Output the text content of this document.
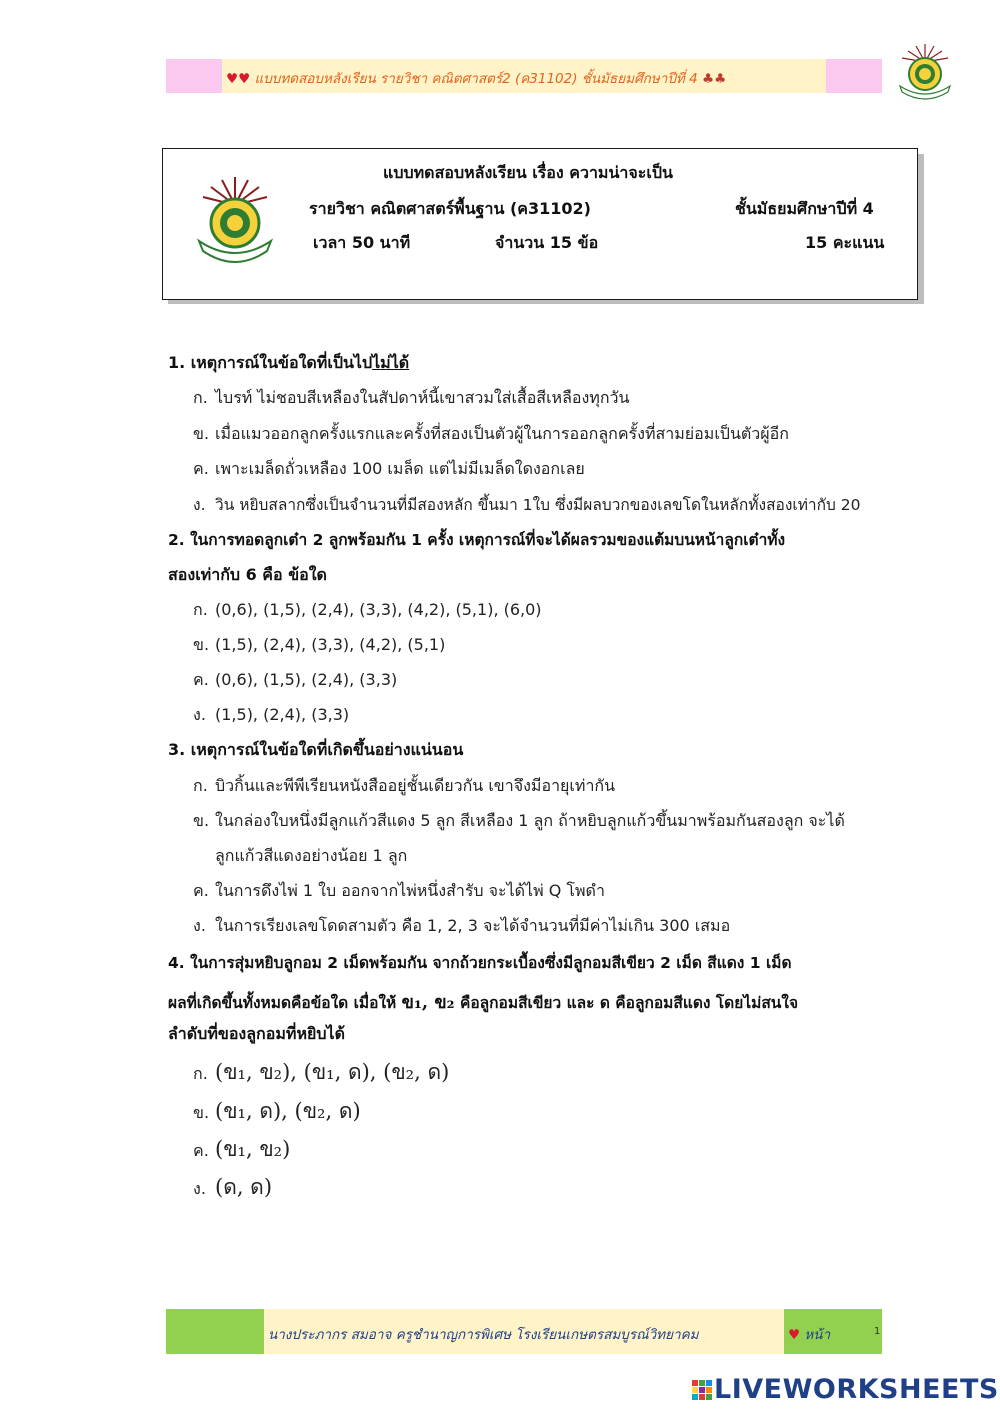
♥♥ แบบทดสอบหลังเรียน รายวิชา คณิตศาสตร์2 (ค31102) ชั้นมัธยมศึกษาปีที่ 4 ♣♣
แบบทดสอบหลังเรียน เรื่อง ความน่าจะเป็น
รายวิชา คณิตศาสตร์พื้นฐาน (ค31102)	ชั้นมัธยมศึกษาปีที่ 4
เวลา 50 นาที	จำนวน 15 ข้อ	15 คะแนน
1. เหตุการณ์ในข้อใดที่เป็นไปไม่ได้
ก. ไบรท์ ไม่ชอบสีเหลืองในสัปดาห์นี้เขาสวมใส่เสื้อสีเหลืองทุกวัน
ข. เมื่อแมวออกลูกครั้งแรกและครั้งที่สองเป็นตัวผู้ในการออกลูกครั้งที่สามย่อมเป็นตัวผู้อีก
ค. เพาะเมล็ดถั่วเหลือง 100 เมล็ด แต่ไม่มีเมล็ดใดงอกเลย
ง. วิน หยิบสลากซึ่งเป็นจำนวนที่มีสองหลัก ขึ้นมา 1ใบ ซึ่งมีผลบวกของเลขโดในหลักทั้งสองเท่ากับ 20
2. ในการทอดลูกเต๋า 2 ลูกพร้อมกัน 1 ครั้ง เหตุการณ์ที่จะได้ผลรวมของแต้มบนหน้าลูกเต๋าทั้ง
สองเท่ากับ 6 คือ ข้อใด
ก. (0,6), (1,5), (2,4), (3,3), (4,2), (5,1), (6,0)
ข. (1,5), (2,4), (3,3), (4,2), (5,1)
ค. (0,6), (1,5), (2,4), (3,3)
ง. (1,5), (2,4), (3,3)
3. เหตุการณ์ในข้อใดที่เกิดขึ้นอย่างแน่นอน
ก. บิวกิ้นและพีพีเรียนหนังสืออยู่ชั้นเดียวกัน เขาจึงมีอายุเท่ากัน
ข. ในกล่องใบหนึ่งมีลูกแก้วสีแดง 5 ลูก สีเหลือง 1 ลูก ถ้าหยิบลูกแก้วขึ้นมาพร้อมกันสองลูก จะได้
ลูกแก้วสีแดงอย่างน้อย 1 ลูก
ค. ในการดึงไพ่ 1 ใบ ออกจากไพ่หนึ่งสำรับ จะได้ไพ่ Q โพดำ
ง. ในการเรียงเลขโดดสามตัว คือ 1, 2, 3 จะได้จำนวนที่มีค่าไม่เกิน 300 เสมอ
4. ในการสุ่มหยิบลูกอม 2 เม็ดพร้อมกัน จากถ้วยกระเบื้องซึ่งมีลูกอมสีเขียว 2 เม็ด สีแดง 1 เม็ด
ผลที่เกิดขึ้นทั้งหมดคือข้อใด เมื่อให้ ข₁, ข₂ คือลูกอมสีเขียว และ ด คือลูกอมสีแดง โดยไม่สนใจ
ลำดับที่ของลูกอมที่หยิบได้
ก. (ข₁, ข₂), (ข₁, ด), (ข₂, ด)
ข. (ข₁, ด), (ข₂, ด)
ค. (ข₁, ข₂)
ง. (ด, ด)
นางประภากร สมอาจ ครูชำนาญการพิเศษ โรงเรียนเกษตรสมบูรณ์วิทยาคม	♥ หน้า	1
LIVEWORKSHEETS
